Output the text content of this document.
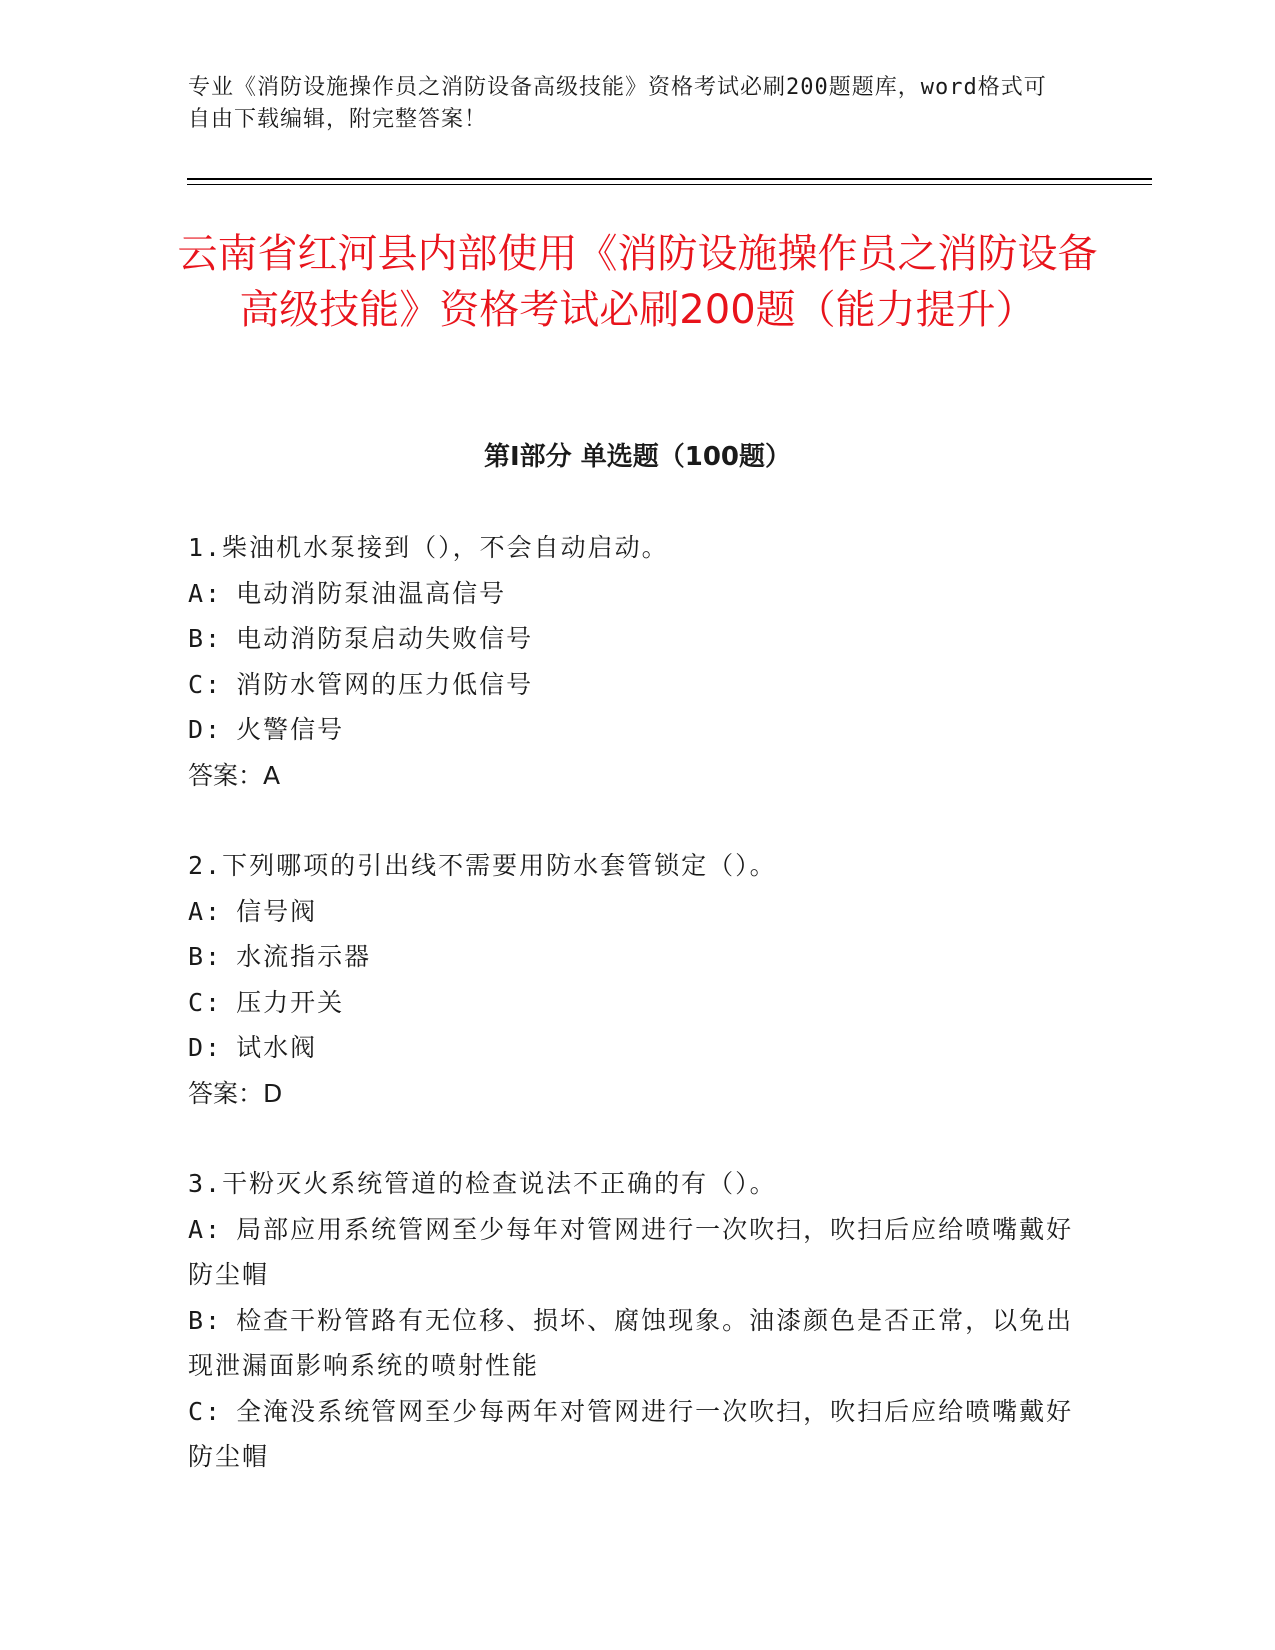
专业《消防设施操作员之消防设备高级技能》资格考试必刷200题题库，word格式可自由下载编辑，附完整答案！
云南省红河县内部使用《消防设施操作员之消防设备高级技能》资格考试必刷200题（能力提升）
第I部分 单选题（100题）
1.柴油机水泵接到（），不会自动启动。
A: 电动消防泵油温高信号
B: 电动消防泵启动失败信号
C: 消防水管网的压力低信号
D: 火警信号
答案：A
2.下列哪项的引出线不需要用防水套管锁定（）。
A: 信号阀
B: 水流指示器
C: 压力开关
D: 试水阀
答案：D
3.干粉灭火系统管道的检查说法不正确的有（）。
A: 局部应用系统管网至少每年对管网进行一次吹扫，吹扫后应给喷嘴戴好防尘帽
B: 检查干粉管路有无位移、损坏、腐蚀现象。油漆颜色是否正常，以免出现泄漏面影响系统的喷射性能
C: 全淹没系统管网至少每两年对管网进行一次吹扫，吹扫后应给喷嘴戴好防尘帽
